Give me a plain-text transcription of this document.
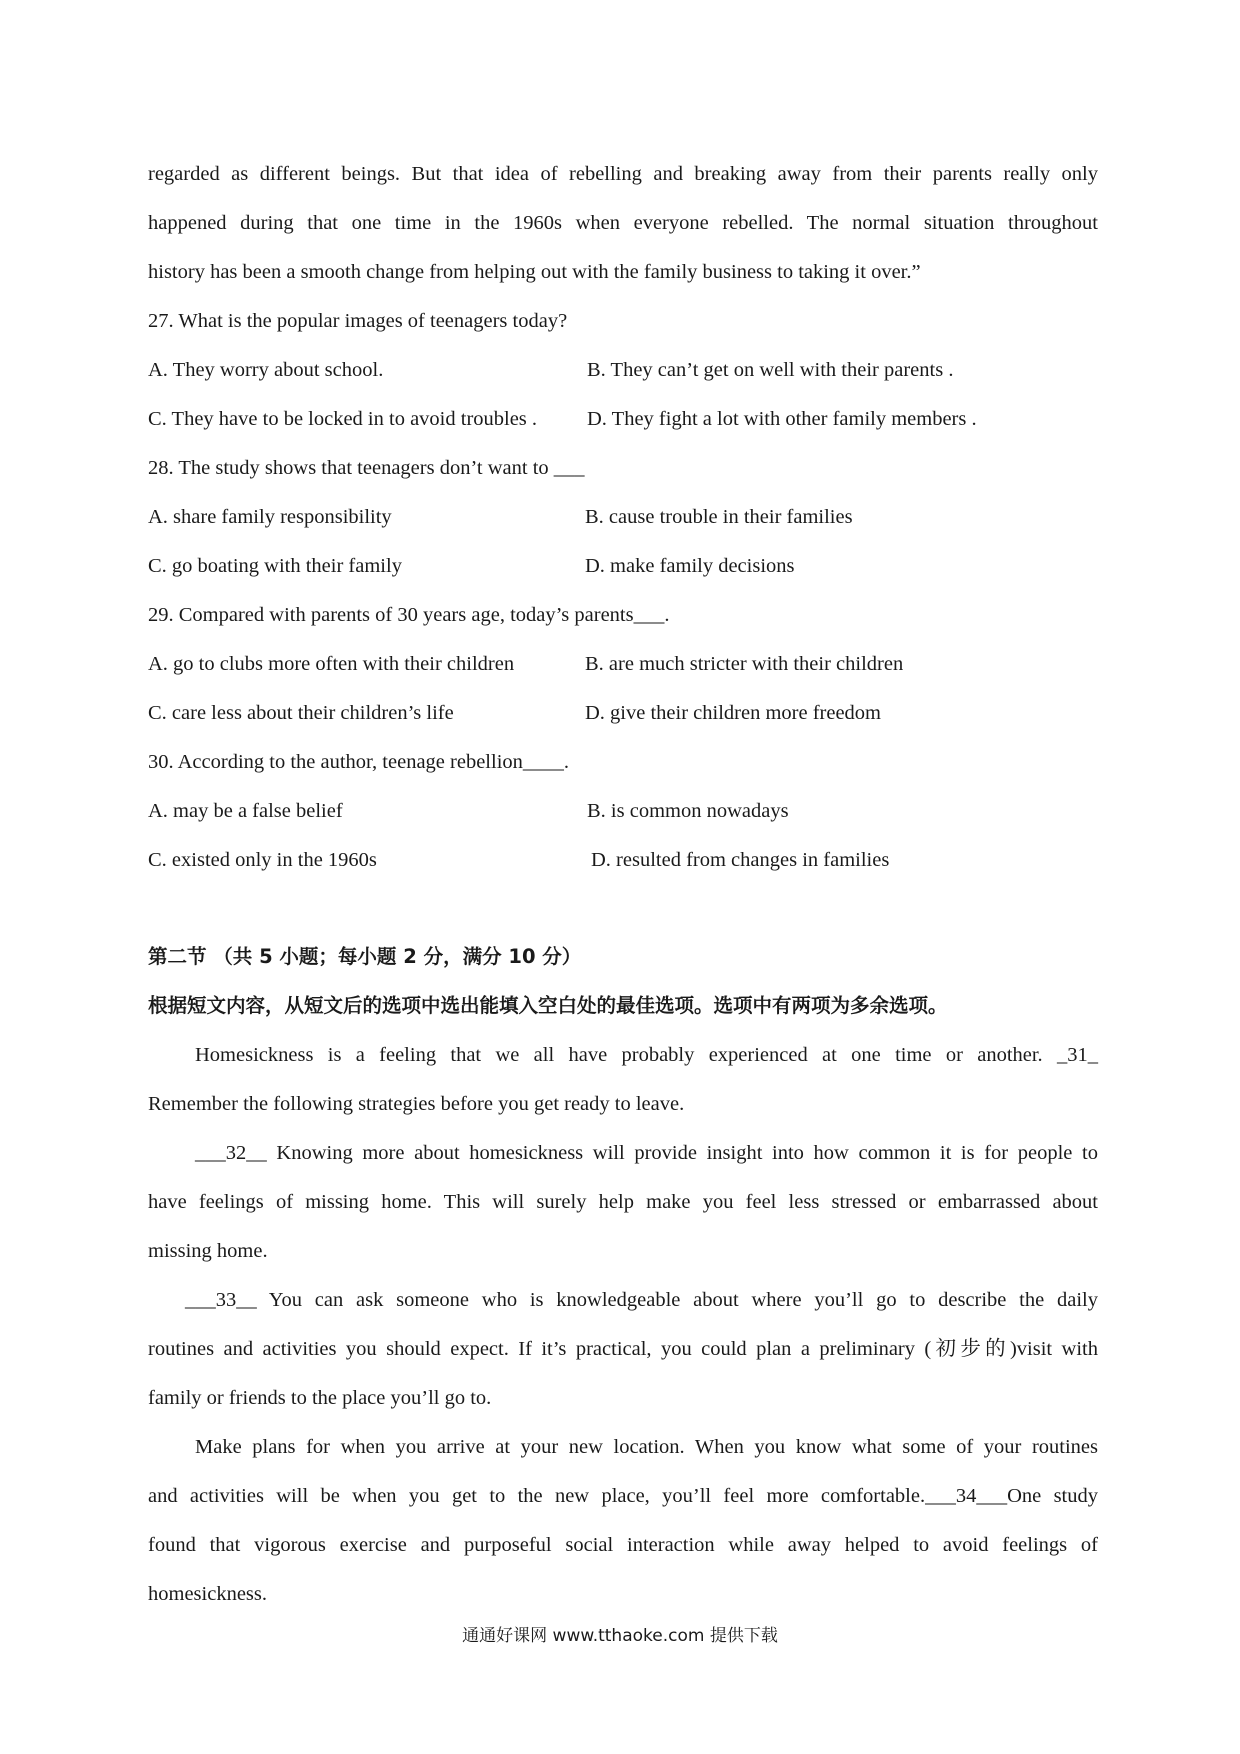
regarded as different beings. But that idea of rebelling and breaking away from their parents really only
happened during that one time in the 1960s when everyone rebelled. The normal situation throughout
history has been a smooth change from helping out with the family business to taking it over.”
27. What is the popular images of teenagers today?
A. They worry about school.	B. They can’t get on well with their parents .
C. They have to be locked in to avoid troubles . D. They fight a lot with other family members .
28. The study shows that teenagers don’t want to ___
A. share family responsibility	B. cause trouble in their families
C. go boating with their family	D. make family decisions
29. Compared with parents of 30 years age, today’s parents___.
A. go to clubs more often with their children	B. are much stricter with their children
C. care less about their children’s life	D. give their children more freedom
30. According to the author, teenage rebellion____.
A. may be a false belief	B. is common nowadays
C. existed only in the 1960s	D. resulted from changes in families
第二节 （共 5 小题；每小题 2 分，满分 10 分）
根据短文内容，从短文后的选项中选出能填入空白处的最佳选项。选项中有两项为多余选项。
Homesickness is a feeling that we all have probably experienced at one time or another. _31_
Remember the following strategies before you get ready to leave.
___32__ Knowing more about homesickness will provide insight into how common it is for people to
have feelings of missing home. This will surely help make you feel less stressed or embarrassed about
missing home.
___33__ You can ask someone who is knowledgeable about where you’ll go to describe the daily
routines and activities you should expect. If it’s practical, you could plan a preliminary (初步的)visit with
family or friends to the place you’ll go to.
Make plans for when you arrive at your new location. When you know what some of your routines
and activities will be when you get to the new place, you’ll feel more comfortable.___34___One study
found that vigorous exercise and purposeful social interaction while away helped to avoid feelings of
homesickness.
通通好课网 www.tthaoke.com 提供下载
